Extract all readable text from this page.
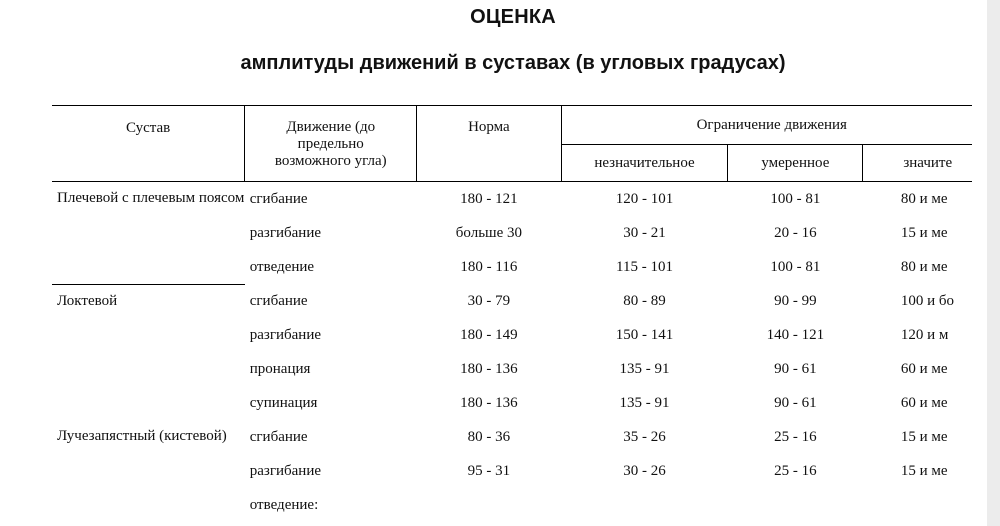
ОЦЕНКА
амплитуды движений в суставах (в угловых градусах)
Сустав	Движение (до предельно возможного угла)	Норма	Ограничение движения		
			незначительное	умеренное	значите

Плечевой с плечевым поясом	сгибание	180 - 121	120 - 101	100 - 81	80 и ме
	разгибание	больше 30	30 - 21	20 - 16	15 и ме
	отведение	180 - 116	115 - 101	100 - 81	80 и ме
Локтевой	сгибание	30 - 79	80 - 89	90 - 99	100 и бо
	разгибание	180 - 149	150 - 141	140 - 121	120 и м
	пронация	180 - 136	135 - 91	90 - 61	60 и ме
	супинация	180 - 136	135 - 91	90 - 61	60 и ме
Лучезапястный (кистевой)	сгибание	80 - 36	35 - 26	25 - 16	15 и ме
	разгибание	95 - 31	30 - 26	25 - 16	15 и ме
	отведение:				
